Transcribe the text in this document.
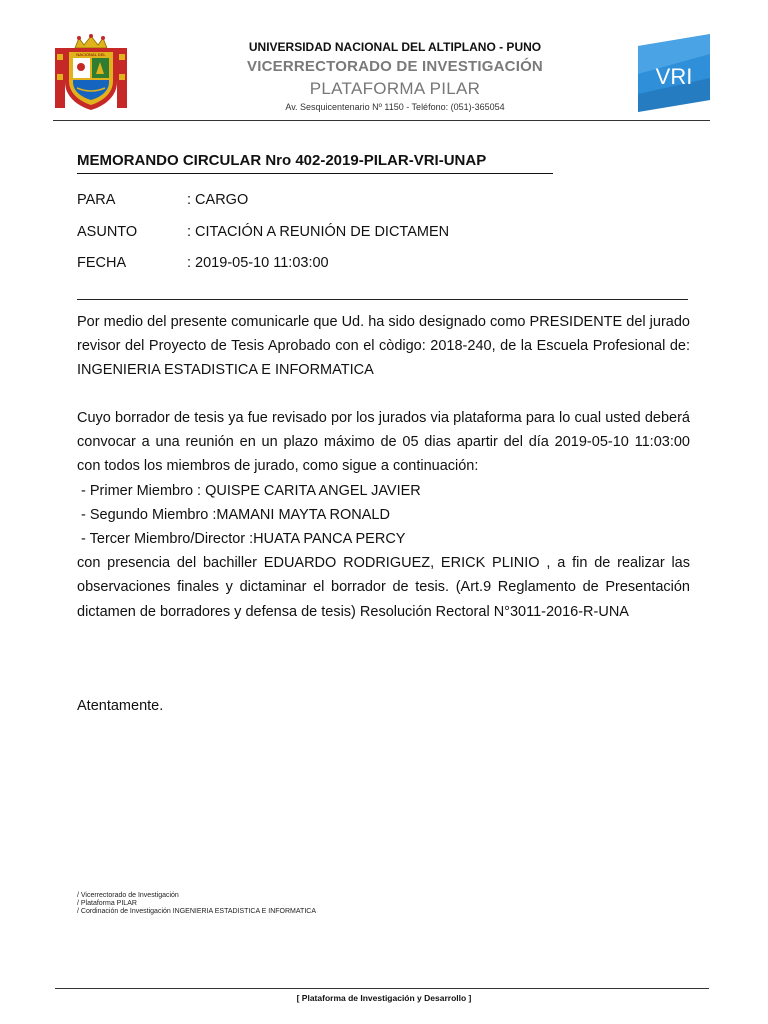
NACIONAL DEL
UNIVERSIDAD NACIONAL DEL ALTIPLANO - PUNO
VICERRECTORADO DE INVESTIGACIÓN
PLATAFORMA PILAR
Av. Sesquicentenario Nº 1150 - Teléfono: (051)-365054
VRI
MEMORANDO CIRCULAR Nro 402-2019-PILAR-VRI-UNAP
PARA	: CARGO
ASUNTO	: CITACIÓN A REUNIÓN DE DICTAMEN
FECHA	: 2019-05-10 11:03:00
Por medio del presente comunicarle que Ud. ha sido designado como PRESIDENTE del jurado revisor del Proyecto de Tesis Aprobado con el còdigo: 2018-240, de la Escuela Profesional de: INGENIERIA ESTADISTICA E INFORMATICA
Cuyo borrador de tesis ya fue revisado por los jurados via plataforma para lo cual usted deberá convocar a una reunión en un plazo máximo de 05 dias apartir del día 2019-05-10 11:03:00 con todos los miembros de jurado, como sigue a continuación:
- Primer Miembro : QUISPE CARITA ANGEL JAVIER
- Segundo Miembro :MAMANI MAYTA RONALD
- Tercer Miembro/Director :HUATA PANCA PERCY
con presencia del bachiller EDUARDO RODRIGUEZ, ERICK PLINIO , a fin de realizar las observaciones finales y dictaminar el borrador de tesis. (Art.9 Reglamento de Presentación dictamen de borradores y defensa de tesis) Resolución Rectoral N°3011-2016-R-UNA
Atentamente.
/ Vicerrectorado de Investigación
/ Plataforma PILAR
/ Cordinación de Investigación INGENIERIA ESTADISTICA E INFORMATICA
[ Plataforma de Investigación y Desarrollo ]
